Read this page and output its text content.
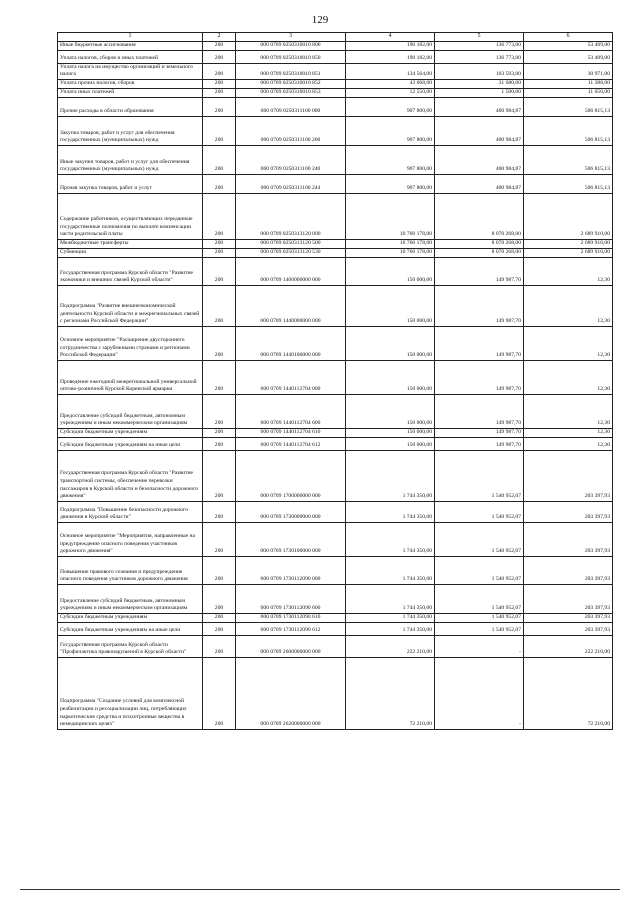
129
1	2	3	4	5	6
Иные бюджетные ассигнования	200	000 0709 0250310010 800	190 182,00	136 773,00	53 409,00
Уплата налогов, сборов и иных платежей	200	000 0709 0250310010 850	190 182,00	136 773,00	53 409,00
Уплата налога на имущество организаций и земельного налога	200	000 0709 0250310010 851	134 564,00	103 593,00	30 971,00
Уплата прочих налогов, сборов	200	000 0709 0250310010 852	43 068,00	31 680,00	11 388,00
Уплата иных платежей	200	000 0709 0250310010 853	12 550,00	1 500,00	11 050,00
Прочие расходы в области образования	200	000 0709 0250311100 000	907 800,00	400 984,87	506 815,13
Закупка товаров, работ и услуг для обеспечения государственных (муниципальных) нужд	200	000 0709 0250311100 200	907 800,00	400 984,87	506 815,13
Иные закупки товаров, работ и услуг для обеспечения государственных (муниципальных) нужд	200	000 0709 0250311100 240	907 800,00	400 984,87	506 815,13
Прочая закупка товаров, работ и услуг	200	000 0709 0250311100 244	907 800,00	400 984,87	506 815,13
Содержание работников, осуществляющих переданные государственные полномочия по выплате компенсации части родительской платы	200	000 0709 0250313120 000	10 760 178,00	8 070 268,00	2 689 910,00
Межбюджетные трансферты	200	000 0709 0250313120 500	10 760 178,00	8 070 268,00	2 689 910,00
Субвенции	200	000 0709 0250313120 530	10 760 178,00	8 070 268,00	2 689 910,00
Государственная программа Курской области "Развитие экономики и внешних связей Курской области"	200	000 0709 1400000000 000	150 000,00	149 987,70	12,30
Подпрограмма "Развитие внешнеэкономической деятельности Курской области и межрегиональных связей с регионами Российской Федерации"	200	000 0709 1440000000 000	150 000,00	149 987,70	12,30
Основное мероприятие "Расширение двустороннего сотрудничества с зарубежными странами и регионами Российской Федерации"	200	000 0709 1440100000 000	150 000,00	149 987,70	12,30
Проведение ежегодной межрегиональной универсальной оптово-розничной Курской Коренской ярмарки	200	000 0709 1440112704 000	150 000,00	149 987,70	12,30
Предоставление субсидий бюджетным, автономным учреждениям и иным некоммерческим организациям	200	000 0709 1440112704 600	150 000,00	149 987,70	12,30
Субсидии бюджетным учреждениям	200	000 0709 1440112704 610	150 000,00	149 987,70	12,30
Субсидии бюджетным учреждениям на иные цели	200	000 0709 1440112704 612	150 000,00	149 987,70	12,30
Государственная программа Курской области "Развитие транспортной системы, обеспечение перевозки пассажиров в Курской области и безопасности дорожного движения"	200	000 0709 1700000000 000	1 744 350,00	1 540 952,07	203 397,93
Подпрограмма "Повышение безопасности дорожного движения в Курской области"	200	000 0709 1730000000 000	1 744 350,00	1 540 952,07	203 397,93
Основное мероприятие "Мероприятия, направленные на предупреждение опасного поведения участников дорожного движения"	200	000 0709 1730100000 000	1 744 350,00	1 540 952,07	203 397,93
Повышение правового сознания и предупреждение опасного поведения участников дорожного движения	200	000 0709 1730112090 000	1 744 350,00	1 540 952,07	203 397,93
Предоставление субсидий бюджетным, автономным учреждениям и иным некоммерческим организациям	200	000 0709 1730112090 600	1 744 350,00	1 540 952,07	203 397,93
Субсидии бюджетным учреждениям	200	000 0709 1730112090 610	1 744 350,00	1 540 952,07	203 397,93
Субсидии бюджетным учреждениям на иные цели	200	000 0709 1730112090 612	1 744 350,00	1 540 952,07	203 397,93
Государственная программа Курской области "Профилактика правонарушений в Курской области"	200	000 0709 2600000000 000	222 210,00	-	222 210,00
Подпрограмма "Создание условий для комплексной реабилитации и ресоциализации лиц, потребляющих наркотические средства и психотропные вещества в немедицинских целях"	200	000 0709 2620000000 000	72 210,00	-	72 210,00
